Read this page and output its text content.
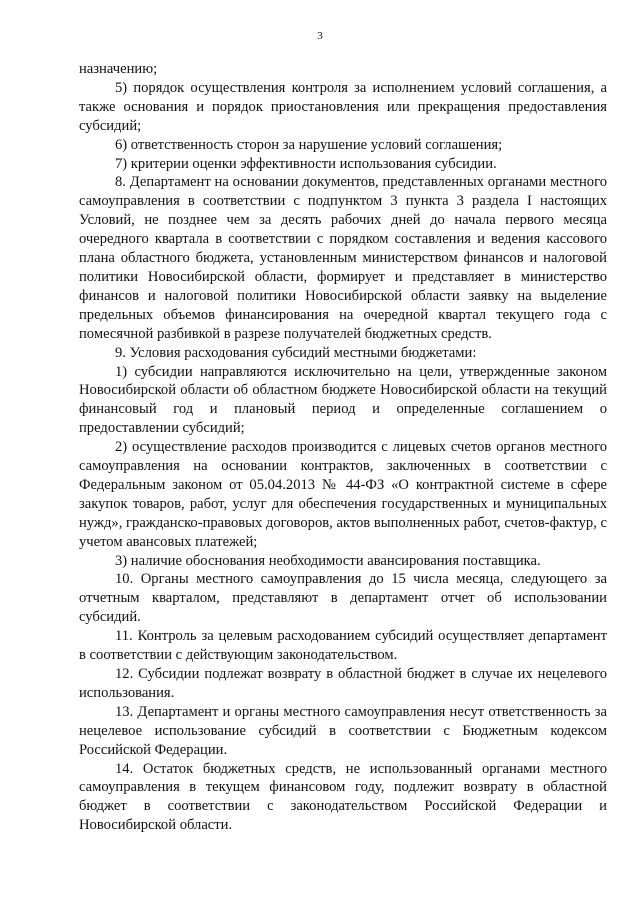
3

назначению;

5) порядок осуществления контроля за исполнением условий соглашения, а также основания и порядок приостановления или прекращения предоставления субсидий;

6) ответственность сторон за нарушение условий соглашения;

7) критерии оценки эффективности использования субсидии.

8. Департамент на основании документов, представленных органами местного самоуправления в соответствии с подпунктом 3 пункта 3 раздела I настоящих Условий, не позднее чем за десять рабочих дней до начала первого месяца очередного квартала в соответствии с порядком составления и ведения кассового плана областного бюджета, установленным министерством финансов и налоговой политики Новосибирской области, формирует и представляет в министерство финансов и налоговой политики Новосибирской области заявку на выделение предельных объемов финансирования на очередной квартал текущего года с помесячной разбивкой в разрезе получателей бюджетных средств.

9. Условия расходования субсидий местными бюджетами:

1) субсидии направляются исключительно на цели, утвержденные законом Новосибирской области об областном бюджете Новосибирской области на текущий финансовый год и плановый период и определенные соглашением о предоставлении субсидий;

2) осуществление расходов производится с лицевых счетов органов местного самоуправления на основании контрактов, заключенных в соответствии с Федеральным законом от 05.04.2013 № 44-ФЗ «О контрактной системе в сфере закупок товаров, работ, услуг для обеспечения государственных и муниципальных нужд», гражданско-правовых договоров, актов выполненных работ, счетов-фактур, с учетом авансовых платежей;

3) наличие обоснования необходимости авансирования поставщика.

10. Органы местного самоуправления до 15 числа месяца, следующего за отчетным кварталом, представляют в департамент отчет об использовании субсидий.

11. Контроль за целевым расходованием субсидий осуществляет департамент в соответствии с действующим законодательством.

12. Субсидии подлежат возврату в областной бюджет в случае их нецелевого использования.

13. Департамент и органы местного самоуправления несут ответственность за нецелевое использование субсидий в соответствии с Бюджетным кодексом Российской Федерации.

14. Остаток бюджетных средств, не использованный органами местного самоуправления в текущем финансовом году, подлежит возврату в областной бюджет в соответствии с законодательством Российской Федерации и Новосибирской области.
